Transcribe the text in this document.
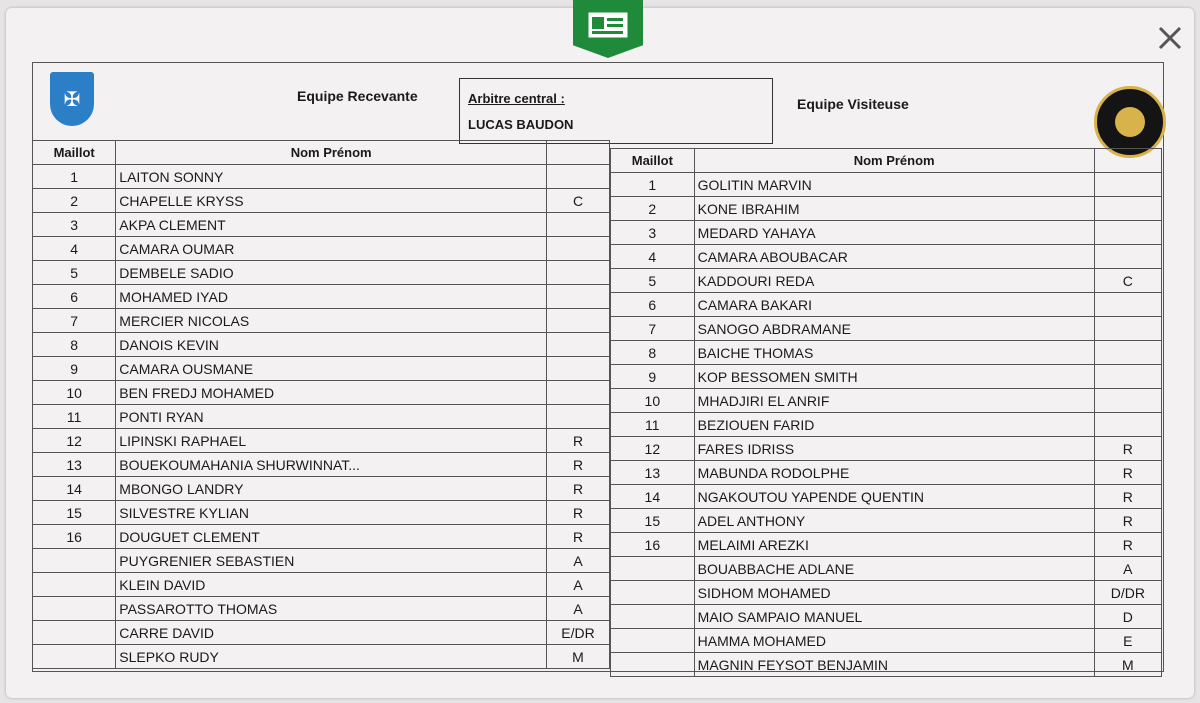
✠	Equipe Recevante	Equipe Visiteuse
Arbitre central :
LUCAS BAUDON
Maillot	Nom Prénom	
1	LAITON SONNY	
2	CHAPELLE KRYSS	C
3	AKPA CLEMENT	
4	CAMARA OUMAR	
5	DEMBELE SADIO	
6	MOHAMED IYAD	
7	MERCIER NICOLAS	
8	DANOIS KEVIN	
9	CAMARA OUSMANE	
10	BEN FREDJ MOHAMED	
11	PONTI RYAN	
12	LIPINSKI RAPHAEL	R
13	BOUEKOUMAHANIA SHURWINNAT...	R
14	MBONGO LANDRY	R
15	SILVESTRE KYLIAN	R
16	DOUGUET CLEMENT	R
	PUYGRENIER SEBASTIEN	A
	KLEIN DAVID	A
	PASSAROTTO THOMAS	A
	CARRE DAVID	E/DR
	SLEPKO RUDY	M
Maillot	Nom Prénom	
1	GOLITIN MARVIN	
2	KONE IBRAHIM	
3	MEDARD YAHAYA	
4	CAMARA ABOUBACAR	
5	KADDOURI REDA	C
6	CAMARA BAKARI	
7	SANOGO ABDRAMANE	
8	BAICHE THOMAS	
9	KOP BESSOMEN SMITH	
10	MHADJIRI EL ANRIF	
11	BEZIOUEN FARID	
12	FARES IDRISS	R
13	MABUNDA RODOLPHE	R
14	NGAKOUTOU YAPENDE QUENTIN	R
15	ADEL ANTHONY	R
16	MELAIMI AREZKI	R
	BOUABBACHE ADLANE	A
	SIDHOM MOHAMED	D/DR
	MAIO SAMPAIO MANUEL	D
	HAMMA MOHAMED	E
	MAGNIN FEYSOT BENJAMIN	M
